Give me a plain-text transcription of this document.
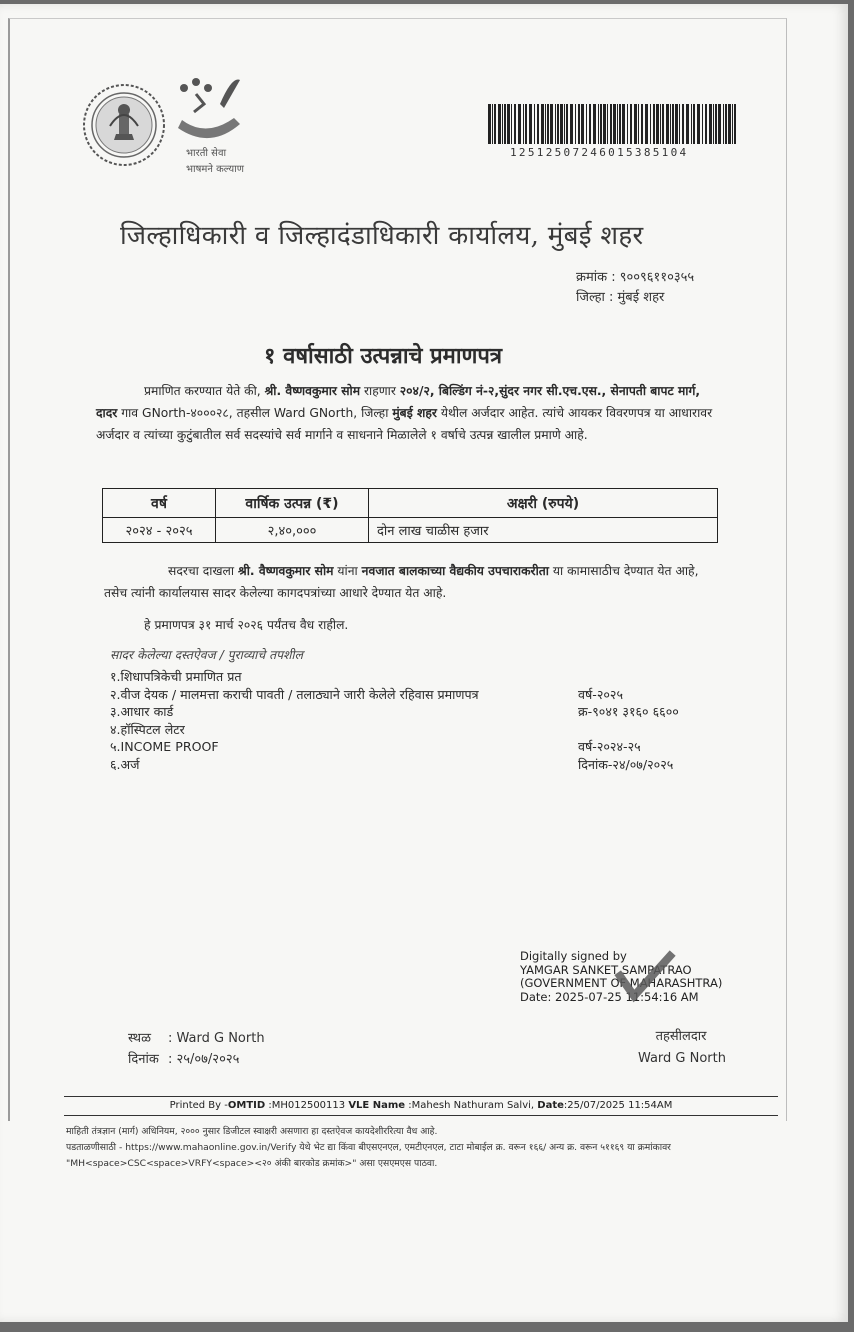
भारती सेवा
भाषमने कल्याण
12512507246015385104
जिल्हाधिकारी व जिल्हादंडाधिकारी कार्यालय, मुंबई शहर
क्रमांक : ९००९६११०३५५
जिल्हा : मुंबई शहर
१ वर्षासाठी उत्पन्नाचे प्रमाणपत्र
प्रमाणित करण्यात येते की, श्री. वैष्णवकुमार सोम राहणार २०४/२, बिल्डिंग नं-२,सुंदर नगर सी.एच.एस., सेनापती बापट मार्ग, दादर गाव GNorth-४०००२८, तहसील Ward GNorth, जिल्हा मुंबई शहर येथील अर्जदार आहेत. त्यांचे आयकर विवरणपत्र या आधारावर अर्जदार व त्यांच्या कुटुंबातील सर्व सदस्यांचे सर्व मार्गाने व साधनाने मिळालेले १ वर्षाचे उत्पन्न खालील प्रमाणे आहे.
वर्ष	वार्षिक उत्पन्न (₹)	अक्षरी (रुपये)
२०२४ - २०२५	२,४०,०००	दोन लाख चाळीस हजार
सदरचा दाखला श्री. वैष्णवकुमार सोम यांना नवजात बालकाच्या वैद्यकीय उपचाराकरीता या कामासाठीच देण्यात येत आहे, तसेच त्यांनी कार्यालयास सादर केलेल्या कागदपत्रांच्या आधारे देण्यात येत आहे.
हे प्रमाणपत्र ३१ मार्च २०२६ पर्यंतच वैध राहील.
सादर केलेल्या दस्तऐवज / पुराव्याचे तपशील
१.शिधापत्रिकेची प्रमाणित प्रत
२.वीज देयक / मालमत्ता कराची पावती / तलाठ्याने जारी केलेले रहिवास प्रमाणपत्र	वर्ष-२०२५
३.आधार कार्ड	क्र-९०४१ ३१६० ६६००
४.हॉस्पिटल लेटर
५.INCOME PROOF	वर्ष-२०२४-२५
६.अर्ज	दिनांक-२४/०७/२०२५
Digitally signed by
YAMGAR SANKET SAMPATRAO
(GOVERNMENT OF MAHARASHTRA)
Date: 2025-07-25 11:54:16 AM
स्थळ : Ward G North
दिनांक : २५/०७/२०२५
तहसीलदार
Ward G North
Printed By -OMTID :MH012500113 VLE Name :Mahesh Nathuram Salvi, Date:25/07/2025 11:54AM
माहिती तंत्रज्ञान (मार्ग) अधिनियम, २००० नुसार डिजीटल स्वाक्षरी असणारा हा दस्तऐवज कायदेशीररित्या वैध आहे.
पडताळणीसाठी - https://www.mahaonline.gov.in/Verify येथे भेट द्या किंवा बीएसएनएल, एमटीएनएल, टाटा मोबाईल क्र. वरून १६६/ अन्य क्र. वरून ५११६९ या क्रमांकावर
"MH<space>CSC<space>VRFY<space><२० अंकी बारकोड क्रमांक>" असा एसएमएस पाठवा.
